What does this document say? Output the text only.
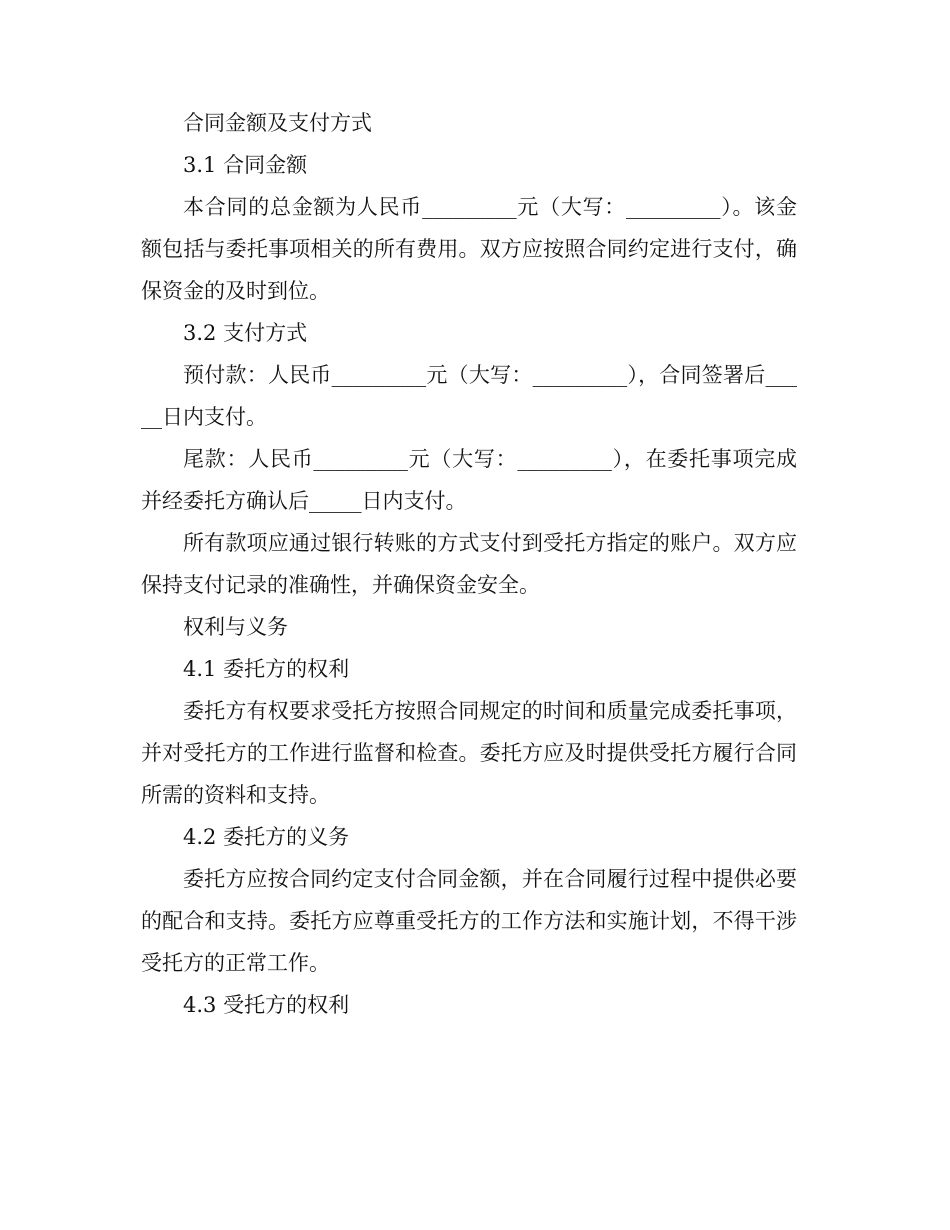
合同金额及支付方式

3.1 合同金额

本合同的总金额为人民币_________元（大写：_________）。该金额包括与委托事项相关的所有费用。双方应按照合同约定进行支付，确保资金的及时到位。

3.2 支付方式

预付款：人民币_________元（大写：_________），合同签署后_____日内支付。

尾款：人民币_________元（大写：_________），在委托事项完成并经委托方确认后_____日内支付。

所有款项应通过银行转账的方式支付到受托方指定的账户。双方应保持支付记录的准确性，并确保资金安全。

权利与义务

4.1 委托方的权利

委托方有权要求受托方按照合同规定的时间和质量完成委托事项，并对受托方的工作进行监督和检查。委托方应及时提供受托方履行合同所需的资料和支持。

4.2 委托方的义务

委托方应按合同约定支付合同金额，并在合同履行过程中提供必要的配合和支持。委托方应尊重受托方的工作方法和实施计划，不得干涉受托方的正常工作。

4.3 受托方的权利
